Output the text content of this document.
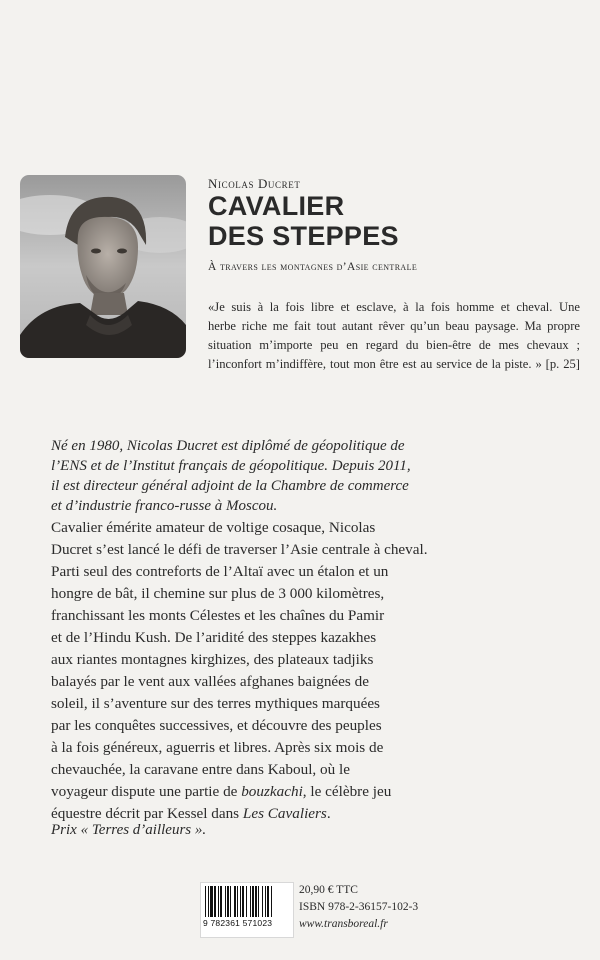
Nicolas Ducret
CAVALIER
DES STEPPES
À travers les montagnes d’Asie centrale
«Je suis à la fois libre et esclave, à la fois homme et cheval. Une
herbe riche me fait tout autant rêver qu’un beau paysage. Ma propre
situation m’importe peu en regard du bien-être de mes chevaux ;
l’inconfort m’indiffère, tout mon être est au service de la piste. » [p. 25]
Né en 1980, Nicolas Ducret est diplômé de géopolitique de
l’ENS et de l’Institut français de géopolitique. Depuis 2011,
il est directeur général adjoint de la Chambre de commerce
et d’industrie franco-russe à Moscou.
Cavalier émérite amateur de voltige cosaque, Nicolas
Ducret s’est lancé le défi de traverser l’Asie centrale à cheval.
Parti seul des contreforts de l’Altaï avec un étalon et un
hongre de bât, il chemine sur plus de 3 000 kilomètres,
franchissant les monts Célestes et les chaînes du Pamir
et de l’Hindu Kush. De l’aridité des steppes kazakhes
aux riantes montagnes kirghizes, des plateaux tadjiks
balayés par le vent aux vallées afghanes baignées de
soleil, il s’aventure sur des terres mythiques marquées
par les conquêtes successives, et découvre des peuples
à la fois généreux, aguerris et libres. Après six mois de
chevauchée, la caravane entre dans Kaboul, où le
voyageur dispute une partie de bouzkachi, le célèbre jeu
équestre décrit par Kessel dans Les Cavaliers.
Prix « Terres d’ailleurs ».
9 782361 571023
20,90 € TTC
ISBN 978-2-36157-102-3
www.transboreal.fr
